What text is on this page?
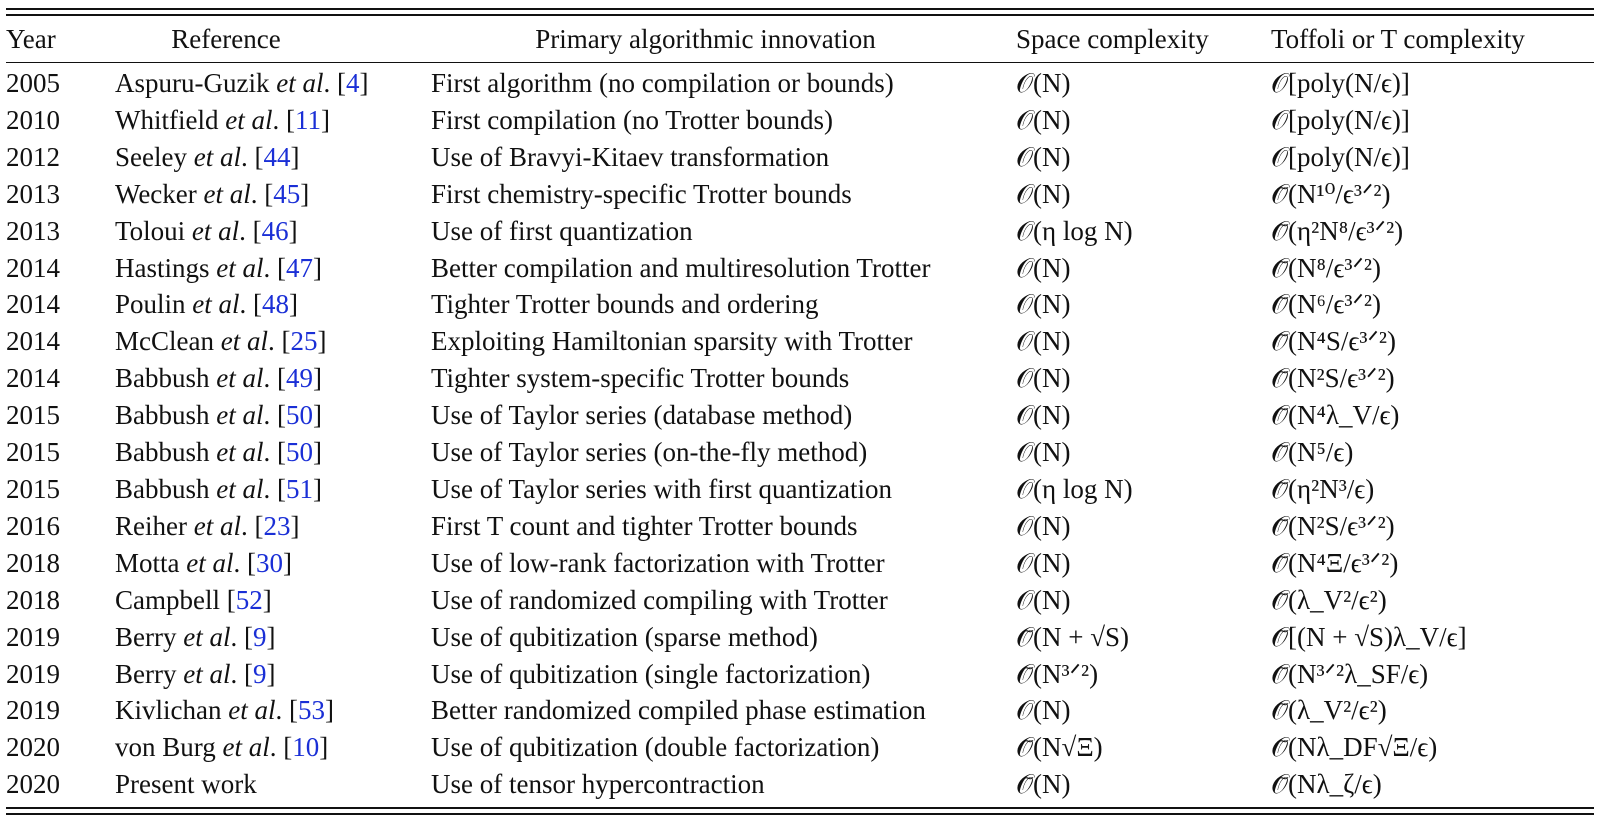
Year	Reference	Primary algorithmic innovation	Space complexity	Toffoli or T complexity
2005	Aspuru-Guzik et al. [4]	First algorithm (no compilation or bounds)	𝒪(N)	𝒪[poly(N/ϵ)]
2010	Whitfield et al. [11]	First compilation (no Trotter bounds)	𝒪(N)	𝒪[poly(N/ϵ)]
2012	Seeley et al. [44]	Use of Bravyi-Kitaev transformation	𝒪(N)	𝒪[poly(N/ϵ)]
2013	Wecker et al. [45]	First chemistry-specific Trotter bounds	𝒪(N)	𝒪̃(N¹⁰/ϵ³ᐟ²)
2013	Toloui et al. [46]	Use of first quantization	𝒪(η log N)	𝒪̃(η²N⁸/ϵ³ᐟ²)
2014	Hastings et al. [47]	Better compilation and multiresolution Trotter	𝒪(N)	𝒪̃(N⁸/ϵ³ᐟ²)
2014	Poulin et al. [48]	Tighter Trotter bounds and ordering	𝒪(N)	𝒪̃(N⁶/ϵ³ᐟ²)
2014	McClean et al. [25]	Exploiting Hamiltonian sparsity with Trotter	𝒪(N)	𝒪̃(N⁴S/ϵ³ᐟ²)
2014	Babbush et al. [49]	Tighter system-specific Trotter bounds	𝒪(N)	𝒪̃(N²S/ϵ³ᐟ²)
2015	Babbush et al. [50]	Use of Taylor series (database method)	𝒪(N)	𝒪̃(N⁴λ_V/ϵ)
2015	Babbush et al. [50]	Use of Taylor series (on-the-fly method)	𝒪(N)	𝒪̃(N⁵/ϵ)
2015	Babbush et al. [51]	Use of Taylor series with first quantization	𝒪(η log N)	𝒪̃(η²N³/ϵ)
2016	Reiher et al. [23]	First T count and tighter Trotter bounds	𝒪(N)	𝒪̃(N²S/ϵ³ᐟ²)
2018	Motta et al. [30]	Use of low-rank factorization with Trotter	𝒪(N)	𝒪̃(N⁴Ξ/ϵ³ᐟ²)
2018	Campbell [52]	Use of randomized compiling with Trotter	𝒪(N)	𝒪̃(λ_V²/ϵ²)
2019	Berry et al. [9]	Use of qubitization (sparse method)	𝒪̃(N + √S)	𝒪̃[(N + √S)λ_V/ϵ]
2019	Berry et al. [9]	Use of qubitization (single factorization)	𝒪̃(N³ᐟ²)	𝒪̃(N³ᐟ²λ_SF/ϵ)
2019	Kivlichan et al. [53]	Better randomized compiled phase estimation	𝒪(N)	𝒪̃(λ_V²/ϵ²)
2020	von Burg et al. [10]	Use of qubitization (double factorization)	𝒪̃(N√Ξ)	𝒪̃(Nλ_DF√Ξ/ϵ)
2020	Present work	Use of tensor hypercontraction	𝒪̃(N)	𝒪̃(Nλ_ζ/ϵ)
